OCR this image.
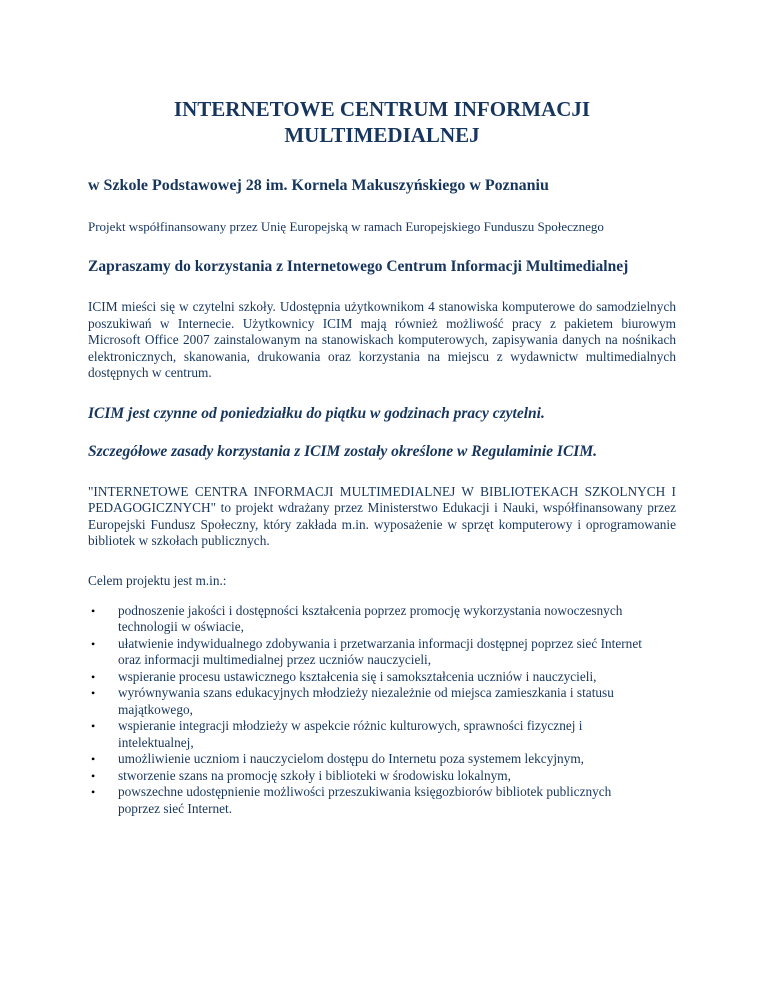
INTERNETOWE CENTRUM INFORMACJI
MULTIMEDIALNEJ

w Szkole Podstawowej 28 im. Kornela Makuszyńskiego w Poznaniu

Projekt współfinansowany przez Unię Europejską w ramach Europejskiego Funduszu Społecznego

Zapraszamy do korzystania z Internetowego Centrum Informacji Multimedialnej

ICIM mieści się w czytelni szkoły. Udostępnia użytkownikom 4 stanowiska komputerowe do samodzielnych poszukiwań w Internecie. Użytkownicy ICIM mają również możliwość pracy z pakietem biurowym Microsoft Office 2007 zainstalowanym na stanowiskach komputerowych, zapisywania danych na nośnikach elektronicznych, skanowania, drukowania oraz korzystania na miejscu z wydawnictw multimedialnych dostępnych w centrum.

ICIM jest czynne od poniedziałku do piątku w godzinach pracy czytelni.

Szczegółowe zasady korzystania z ICIM zostały określone w Regulaminie ICIM.

"INTERNETOWE CENTRA INFORMACJI MULTIMEDIALNEJ W BIBLIOTEKACH SZKOLNYCH I PEDAGOGICZNYCH" to projekt wdrażany przez Ministerstwo Edukacji i Nauki, współfinansowany przez Europejski Fundusz Społeczny, który zakłada m.in. wyposażenie w sprzęt komputerowy i oprogramowanie bibliotek w szkołach publicznych.

Celem projektu jest m.in.:

• podnoszenie jakości i dostępności kształcenia poprzez promocję wykorzystania nowoczesnych technologii w oświacie,
• ułatwienie indywidualnego zdobywania i przetwarzania informacji dostępnej poprzez sieć Internet oraz informacji multimedialnej przez uczniów nauczycieli,
• wspieranie procesu ustawicznego kształcenia się i samokształcenia uczniów i nauczycieli,
• wyrównywania szans edukacyjnych młodzieży niezależnie od miejsca zamieszkania i statusu majątkowego,
• wspieranie integracji młodzieży w aspekcie różnic kulturowych, sprawności fizycznej i intelektualnej,
• umożliwienie uczniom i nauczycielom dostępu do Internetu poza systemem lekcyjnym,
• stworzenie szans na promocję szkoły i biblioteki w środowisku lokalnym,
• powszechne udostępnienie możliwości przeszukiwania księgozbiorów bibliotek publicznych poprzez sieć Internet.
